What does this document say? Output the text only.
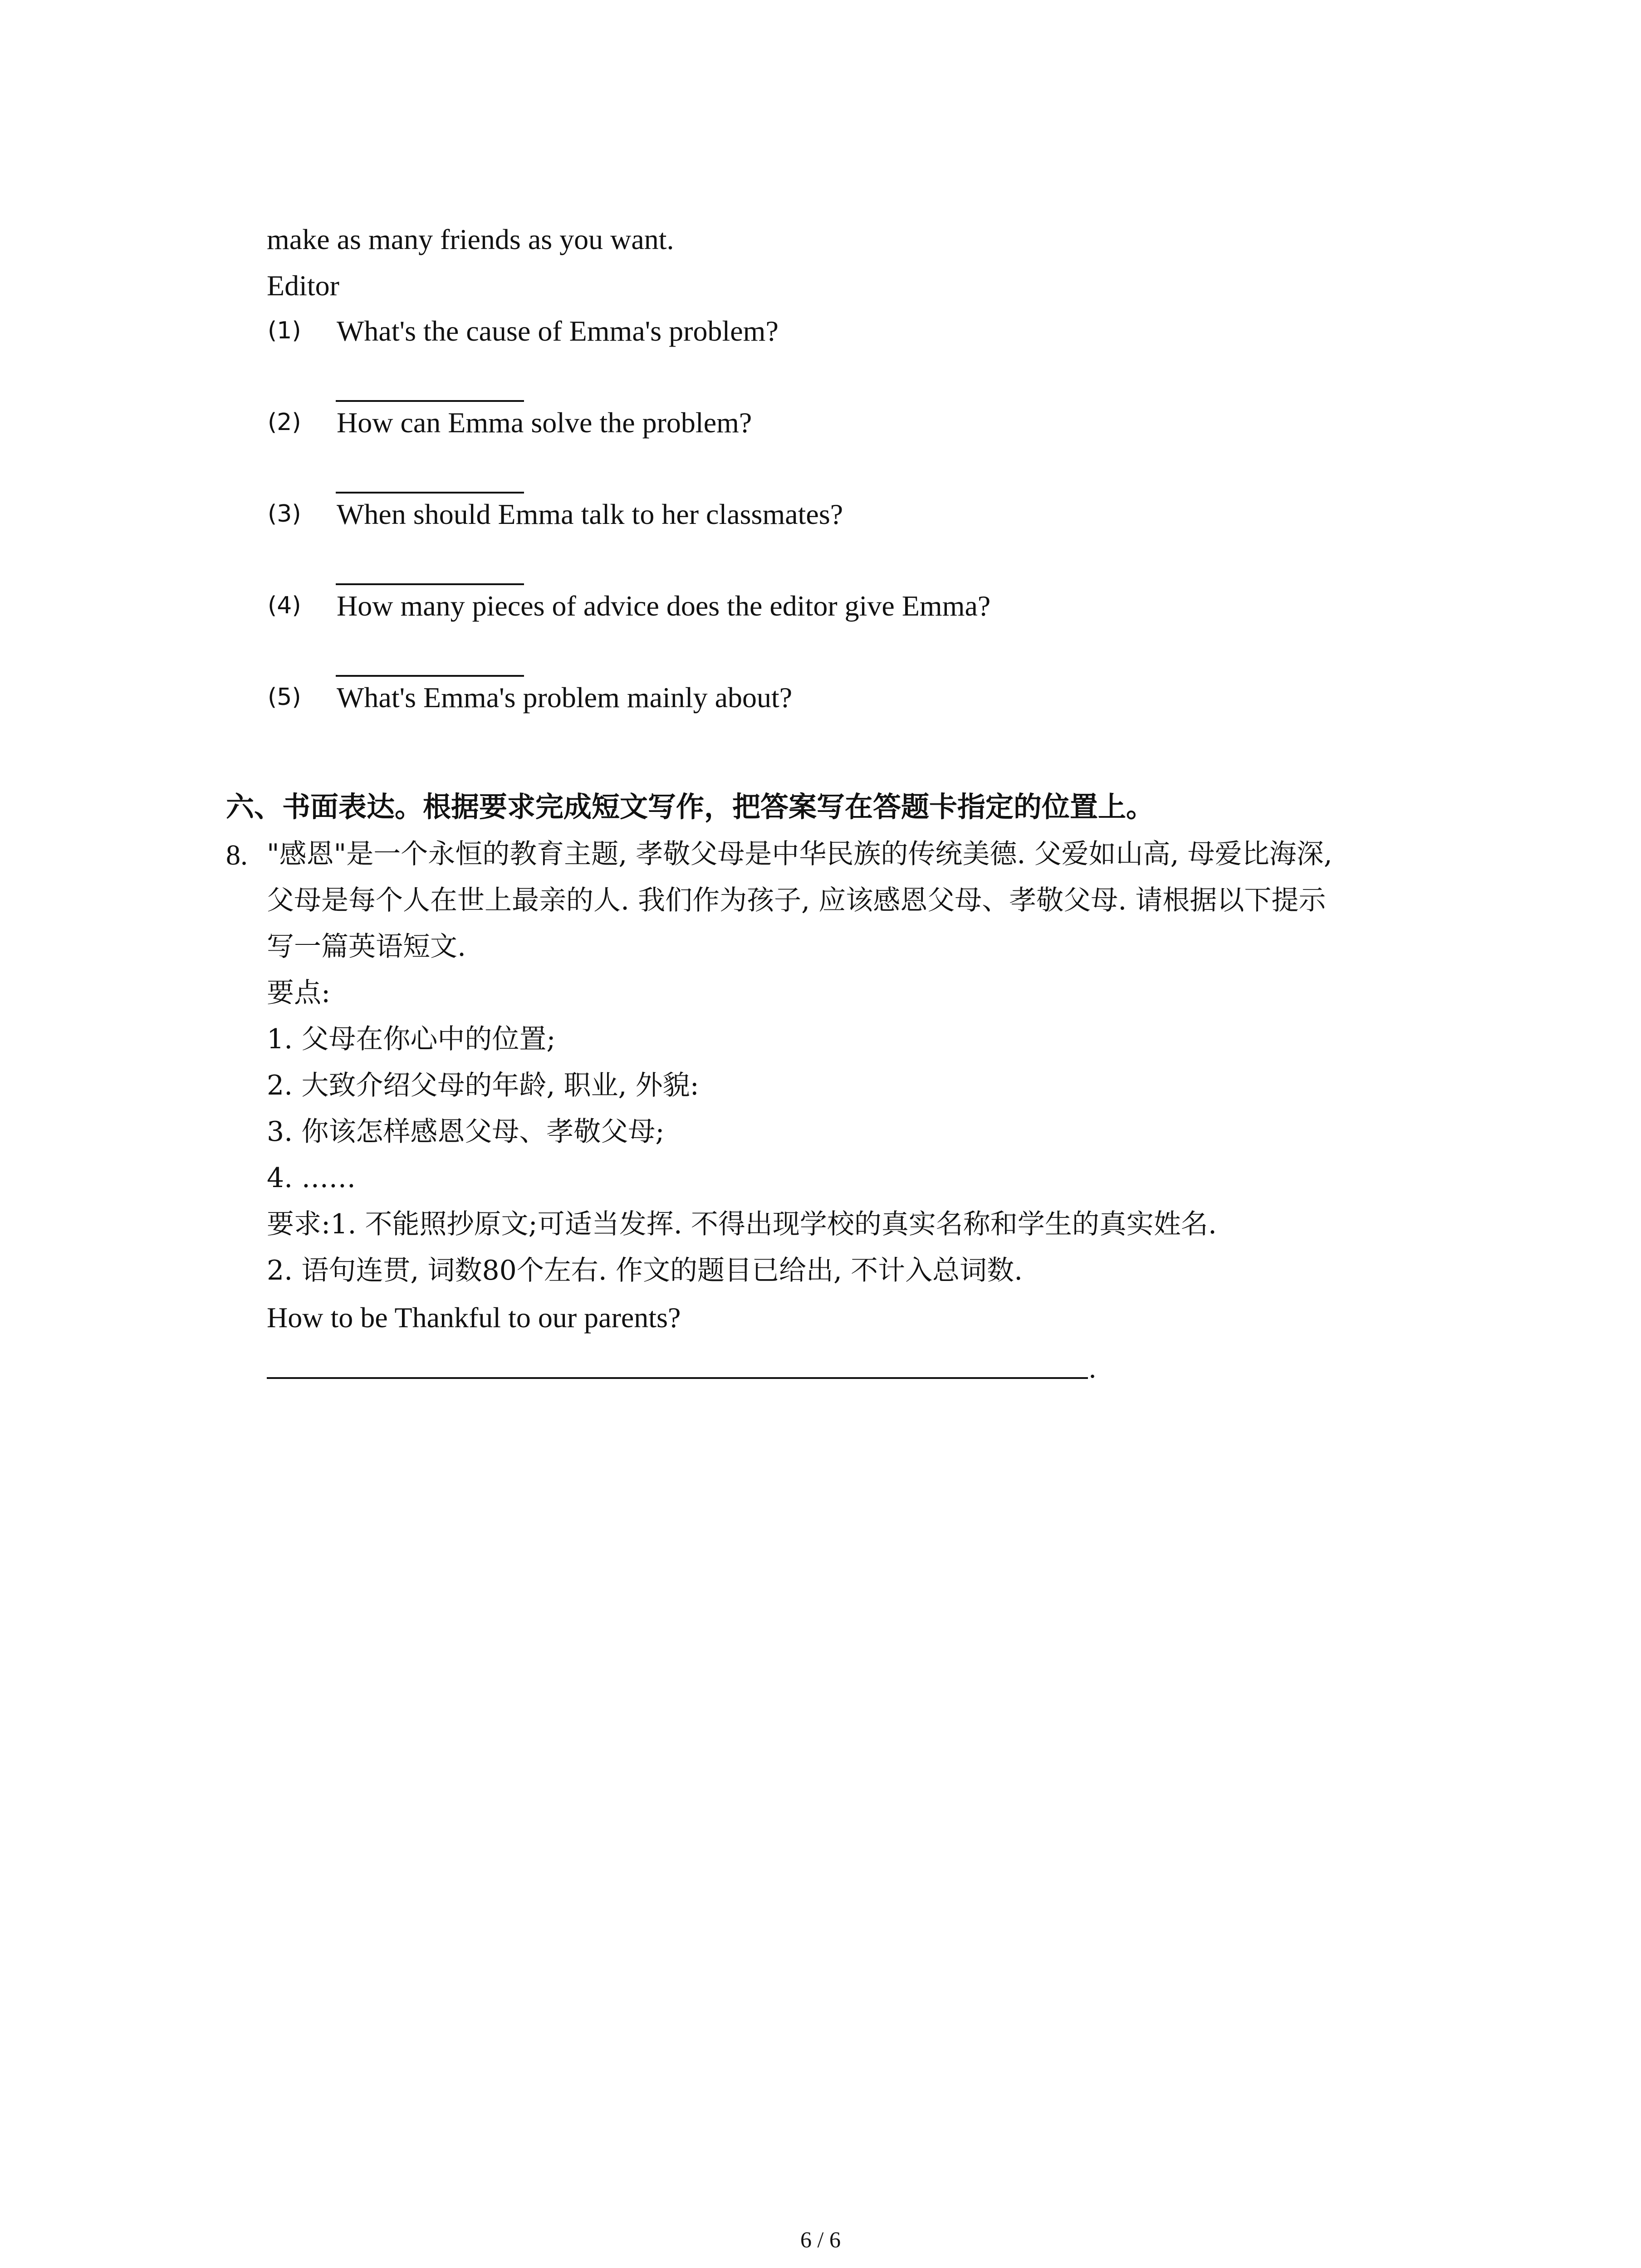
make as many friends as you want.
Editor
(1) What's the cause of Emma's problem?
(2) How can Emma solve the problem?
(3) When should Emma talk to her classmates?
(4) How many pieces of advice does the editor give Emma?
(5) What's Emma's problem mainly about?
六、书面表达。根据要求完成短文写作，把答案写在答题卡指定的位置上。
8. "感恩"是一个永恒的教育主题, 孝敬父母是中华民族的传统美德. 父爱如山高, 母爱比海深,
父母是每个人在世上最亲的人. 我们作为孩子, 应该感恩父母、孝敬父母. 请根据以下提示
写一篇英语短文.
要点:
1. 父母在你心中的位置;
2. 大致介绍父母的年龄, 职业, 外貌:
3. 你该怎样感恩父母、孝敬父母;
4. ……
要求:1. 不能照抄原文;可适当发挥. 不得出现学校的真实名称和学生的真实姓名.
2. 语句连贯, 词数80个左右. 作文的题目已给出, 不计入总词数.
How to be Thankful to our parents?
.
6 / 6
